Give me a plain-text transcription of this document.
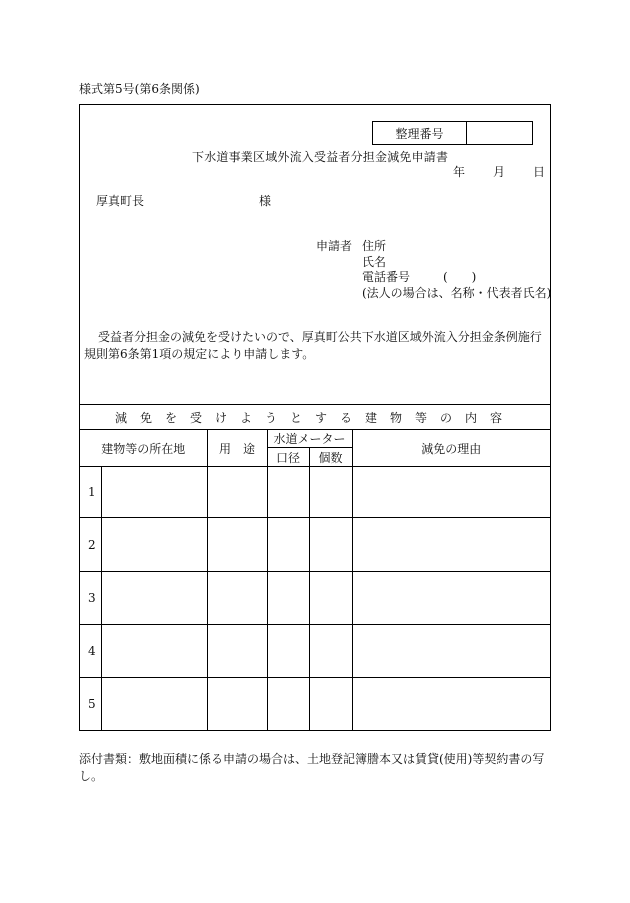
様式第5号(第6条関係)
整理番号
下水道事業区域外流入受益者分担金減免申請書
年 月 日
厚真町長	様
申請者 住所
氏名
電話番号	(　　)
(法人の場合は、名称・代表者氏名)
受益者分担金の減免を受けたいので、厚真町公共下水道区域外流入分担金条例施行規則第6条第1項の規定により申請します。
減免を受けようとする建物等の内容
建物等の所在地		用　途	水道メーター		減免の理由
			口径	個数	
1					
2					
3					
4					
5					
添付書類：敷地面積に係る申請の場合は、土地登記簿謄本又は賃貸(使用)等契約書の写し。
